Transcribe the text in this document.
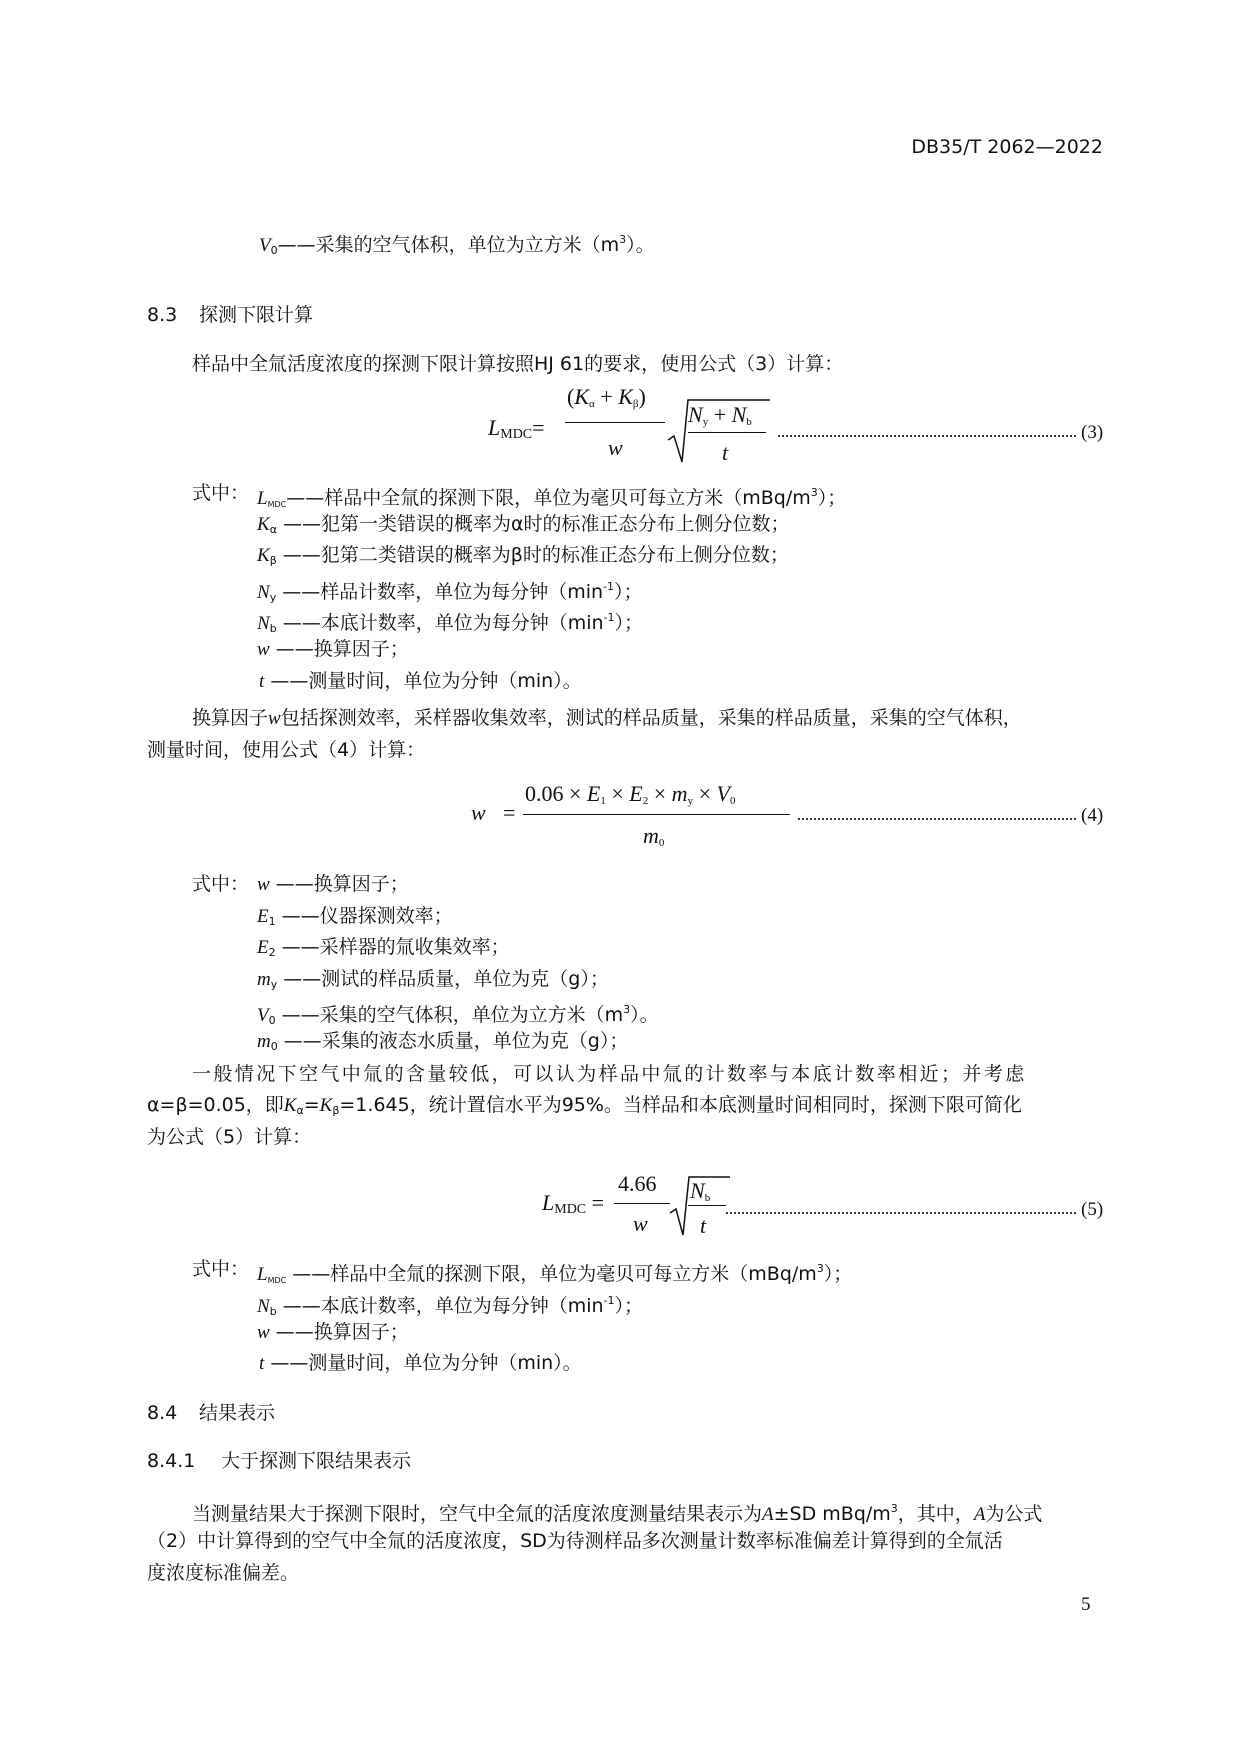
DB35/T 2062—2022
$V_0——$采集的空气体积，单位为立方米$(m^3)$。
8.3 探测下限计算
样品中全氚活度浓度的探测下限计算按照HJ 61的要求，使用公式（3）计算：
$L_{MDC}=$
$(K_\alpha + K_\beta)$
w
$N_y + N_b$
t
(3)
式中： $L_{MDC}——$样品中全氚的探测下限，单位为毫贝可每立方米$(mBq/m^3)$；
$K_\alpha$ ——犯第一类错误的概率为α时的标准正态分布上侧分位数；
$K_\beta$ ——犯第二类错误的概率为β时的标准正态分布上侧分位数；
$N_y$ ——样品计数率，单位为每分钟$(\min^{-1})$；
$N_b$ ——本底计数率，单位为每分钟$(\min^{-1})$；
w ——换算因子；
t ——测量时间，单位为分钟（min）。
换算因子w包括探测效率，采样器收集效率，测试的样品质量，采集的样品质量，采集的空气体积，
测量时间，使用公式（4）计算：
w =
$0.06 \times E_1 \times E_2 \times m_y \times V_0$
$m_0$
(4)
式中： w ——换算因子；
$E_1$ ——仪器探测效率；
$E_2$ ——采样器的氚收集效率；
$m_y$ ——测试的样品质量，单位为克（g）；
$V_0$ ——采集的空气体积，单位为立方米$(m^3)$。
$m_0$ ——采集的液态水质量，单位为克（g）；
一般情况下空气中氚的含量较低，可以认为样品中氚的计数率与本底计数率相近；并考虑
α=β=0.05，即$K_\alpha=K_\beta=1.645$，统计置信水平为95%。当样品和本底测量时间相同时，探测下限可简化
为公式（5）计算：
$L_{MDC}$ =
4.66
w
$N_b$
t
(5)
式中： $L_{MDC}$ ——样品中全氚的探测下限，单位为毫贝可每立方米$(mBq/m^3)$；
$N_b$ ——本底计数率，单位为每分钟$(\min^{-1})$；
w ——换算因子；
t ——测量时间，单位为分钟（min）。
8.4 结果表示
8.4.1 大于探测下限结果表示
当测量结果大于探测下限时，空气中全氚的活度浓度测量结果表示为A±SD mBq/$m^3$，其中，A为公式
（2）中计算得到的空气中全氚的活度浓度，SD为待测样品多次测量计数率标准偏差计算得到的全氚活
度浓度标准偏差。
5
